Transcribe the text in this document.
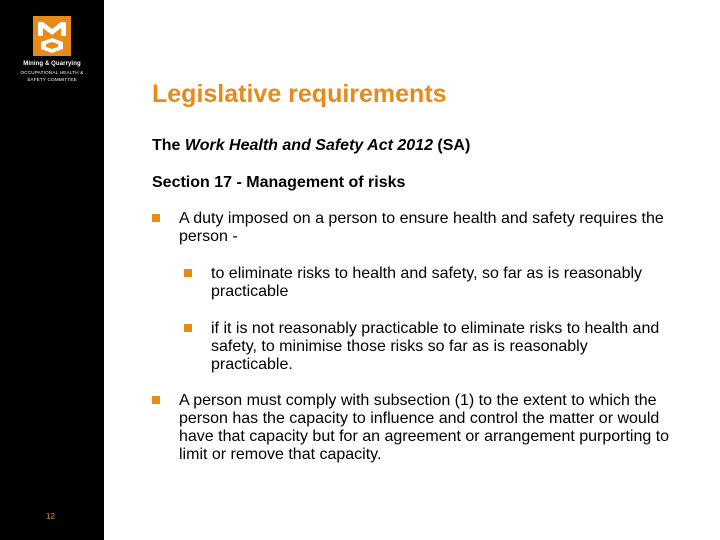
Mining & Quarrying
OCCUPATIONAL HEALTH &
SAFETY COMMITTEE
12
Legislative requirements

The Work Health and Safety Act 2012 (SA)

Section 17 - Management of risks

A duty imposed on a person to ensure health and safety requires the person -
to eliminate risks to health and safety, so far as is reasonably practicable
if it is not reasonably practicable to eliminate risks to health and safety, to minimise those risks so far as is reasonably practicable.
A person must comply with subsection (1) to the extent to which the person has the capacity to influence and control the matter or would have that capacity but for an agreement or arrangement purporting to limit or remove that capacity.
